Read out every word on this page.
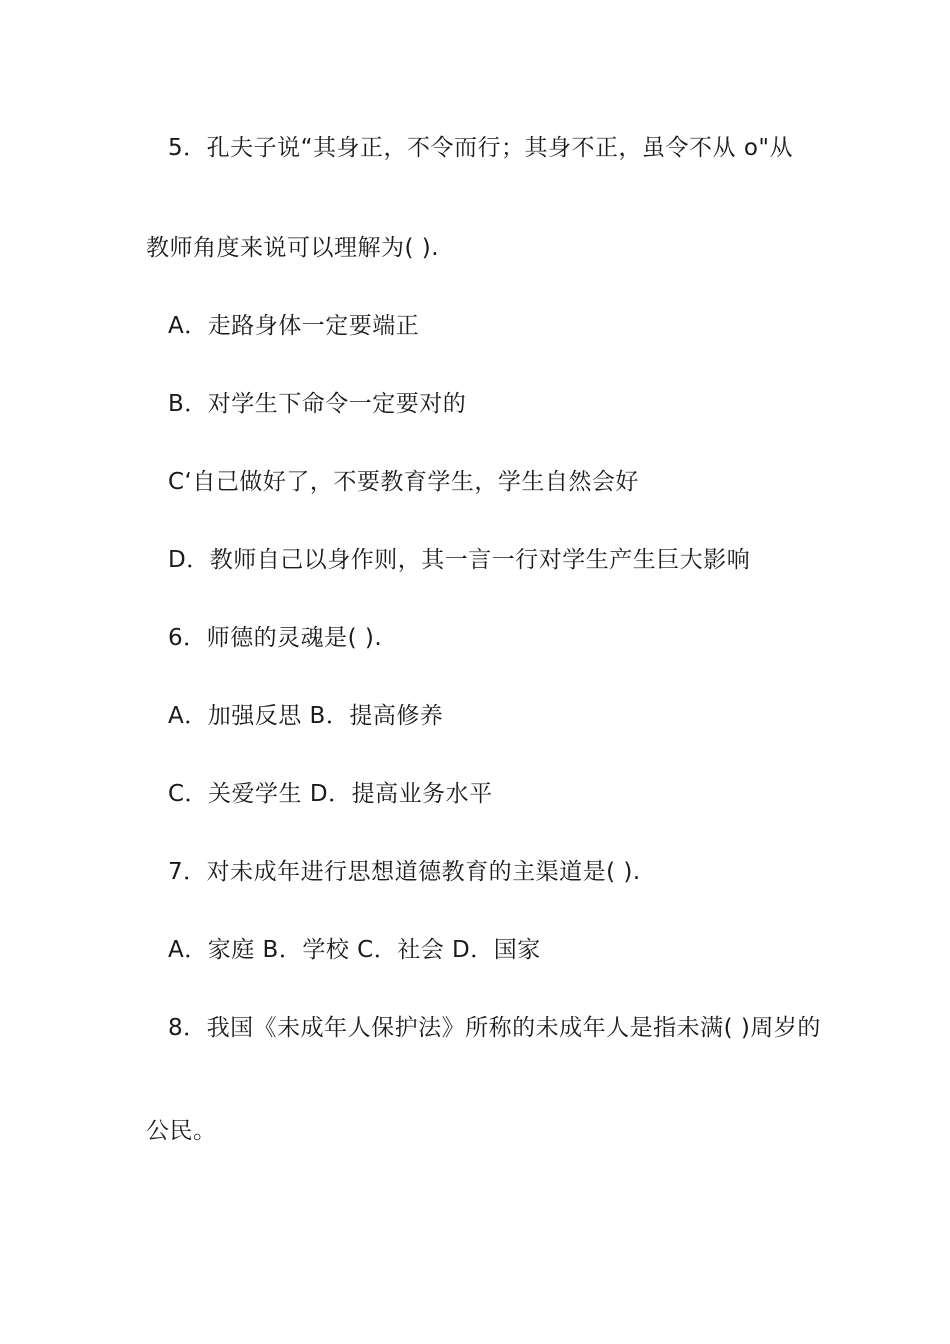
5．孔夫子说“其身正，不令而行；其身不正，虽令不从 o"从
教师角度来说可以理解为( ).
A．走路身体一定要端正
B．对学生下命令一定要对的
C‘自己做好了，不要教育学生，学生自然会好
D．教师自己以身作则，其一言一行对学生产生巨大影响
6．师德的灵魂是( ).
A．加强反思 B．提高修养
C．关爱学生 D．提高业务水平
7．对未成年进行思想道德教育的主渠道是( ).
A．家庭 B．学校 C．社会 D．国家
8．我国《未成年人保护法》所称的未成年人是指未满( )周岁的
公民。
